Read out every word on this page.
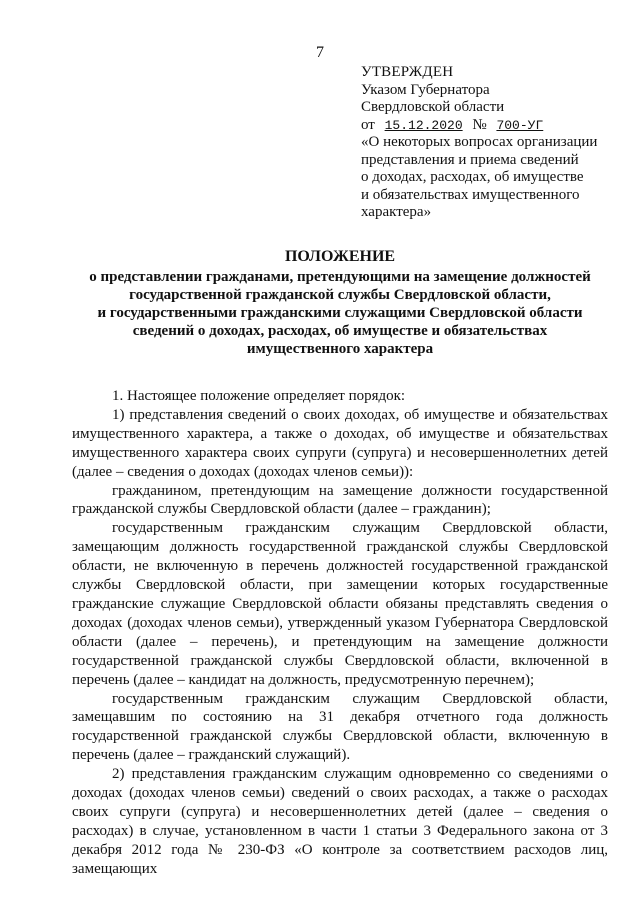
7
УТВЕРЖДЕН
Указом Губернатора
Свердловской области
от 15.12.2020 № 700-УГ
«О некоторых вопросах организации
представления и приема сведений
о доходах, расходах, об имуществе
и обязательствах имущественного
характера»
ПОЛОЖЕНИЕ
о представлении гражданами, претендующими на замещение должностей
государственной гражданской службы Свердловской области,
и государственными гражданскими служащими Свердловской области
сведений о доходах, расходах, об имуществе и обязательствах
имущественного характера

1. Настоящее положение определяет порядок:

1) представления сведений о своих доходах, об имуществе и обязательствах имущественного характера, а также о доходах, об имуществе и обязательствах имущественного характера своих супруги (супруга) и несовершеннолетних детей (далее – сведения о доходах (доходах членов семьи)):

гражданином, претендующим на замещение должности государственной гражданской службы Свердловской области (далее – гражданин);

государственным гражданским служащим Свердловской области, замещающим должность государственной гражданской службы Свердловской области, не включенную в перечень должностей государственной гражданской службы Свердловской области, при замещении которых государственные гражданские служащие Свердловской области обязаны представлять сведения о доходах (доходах членов семьи), утвержденный указом Губернатора Свердловской области (далее – перечень), и претендующим на замещение должности государственной гражданской службы Свердловской области, включенной в перечень (далее – кандидат на должность, предусмотренную перечнем);

государственным гражданским служащим Свердловской области, замещавшим по состоянию на 31 декабря отчетного года должность государственной гражданской службы Свердловской области, включенную в перечень (далее – гражданский служащий).

2) представления гражданским служащим одновременно со сведениями о доходах (доходах членов семьи) сведений о своих расходах, а также о расходах своих супруги (супруга) и несовершеннолетних детей (далее – сведения о расходах) в случае, установленном в части 1 статьи 3 Федерального закона от 3 декабря 2012 года № 230-ФЗ «О контроле за соответствием расходов лиц, замещающих
